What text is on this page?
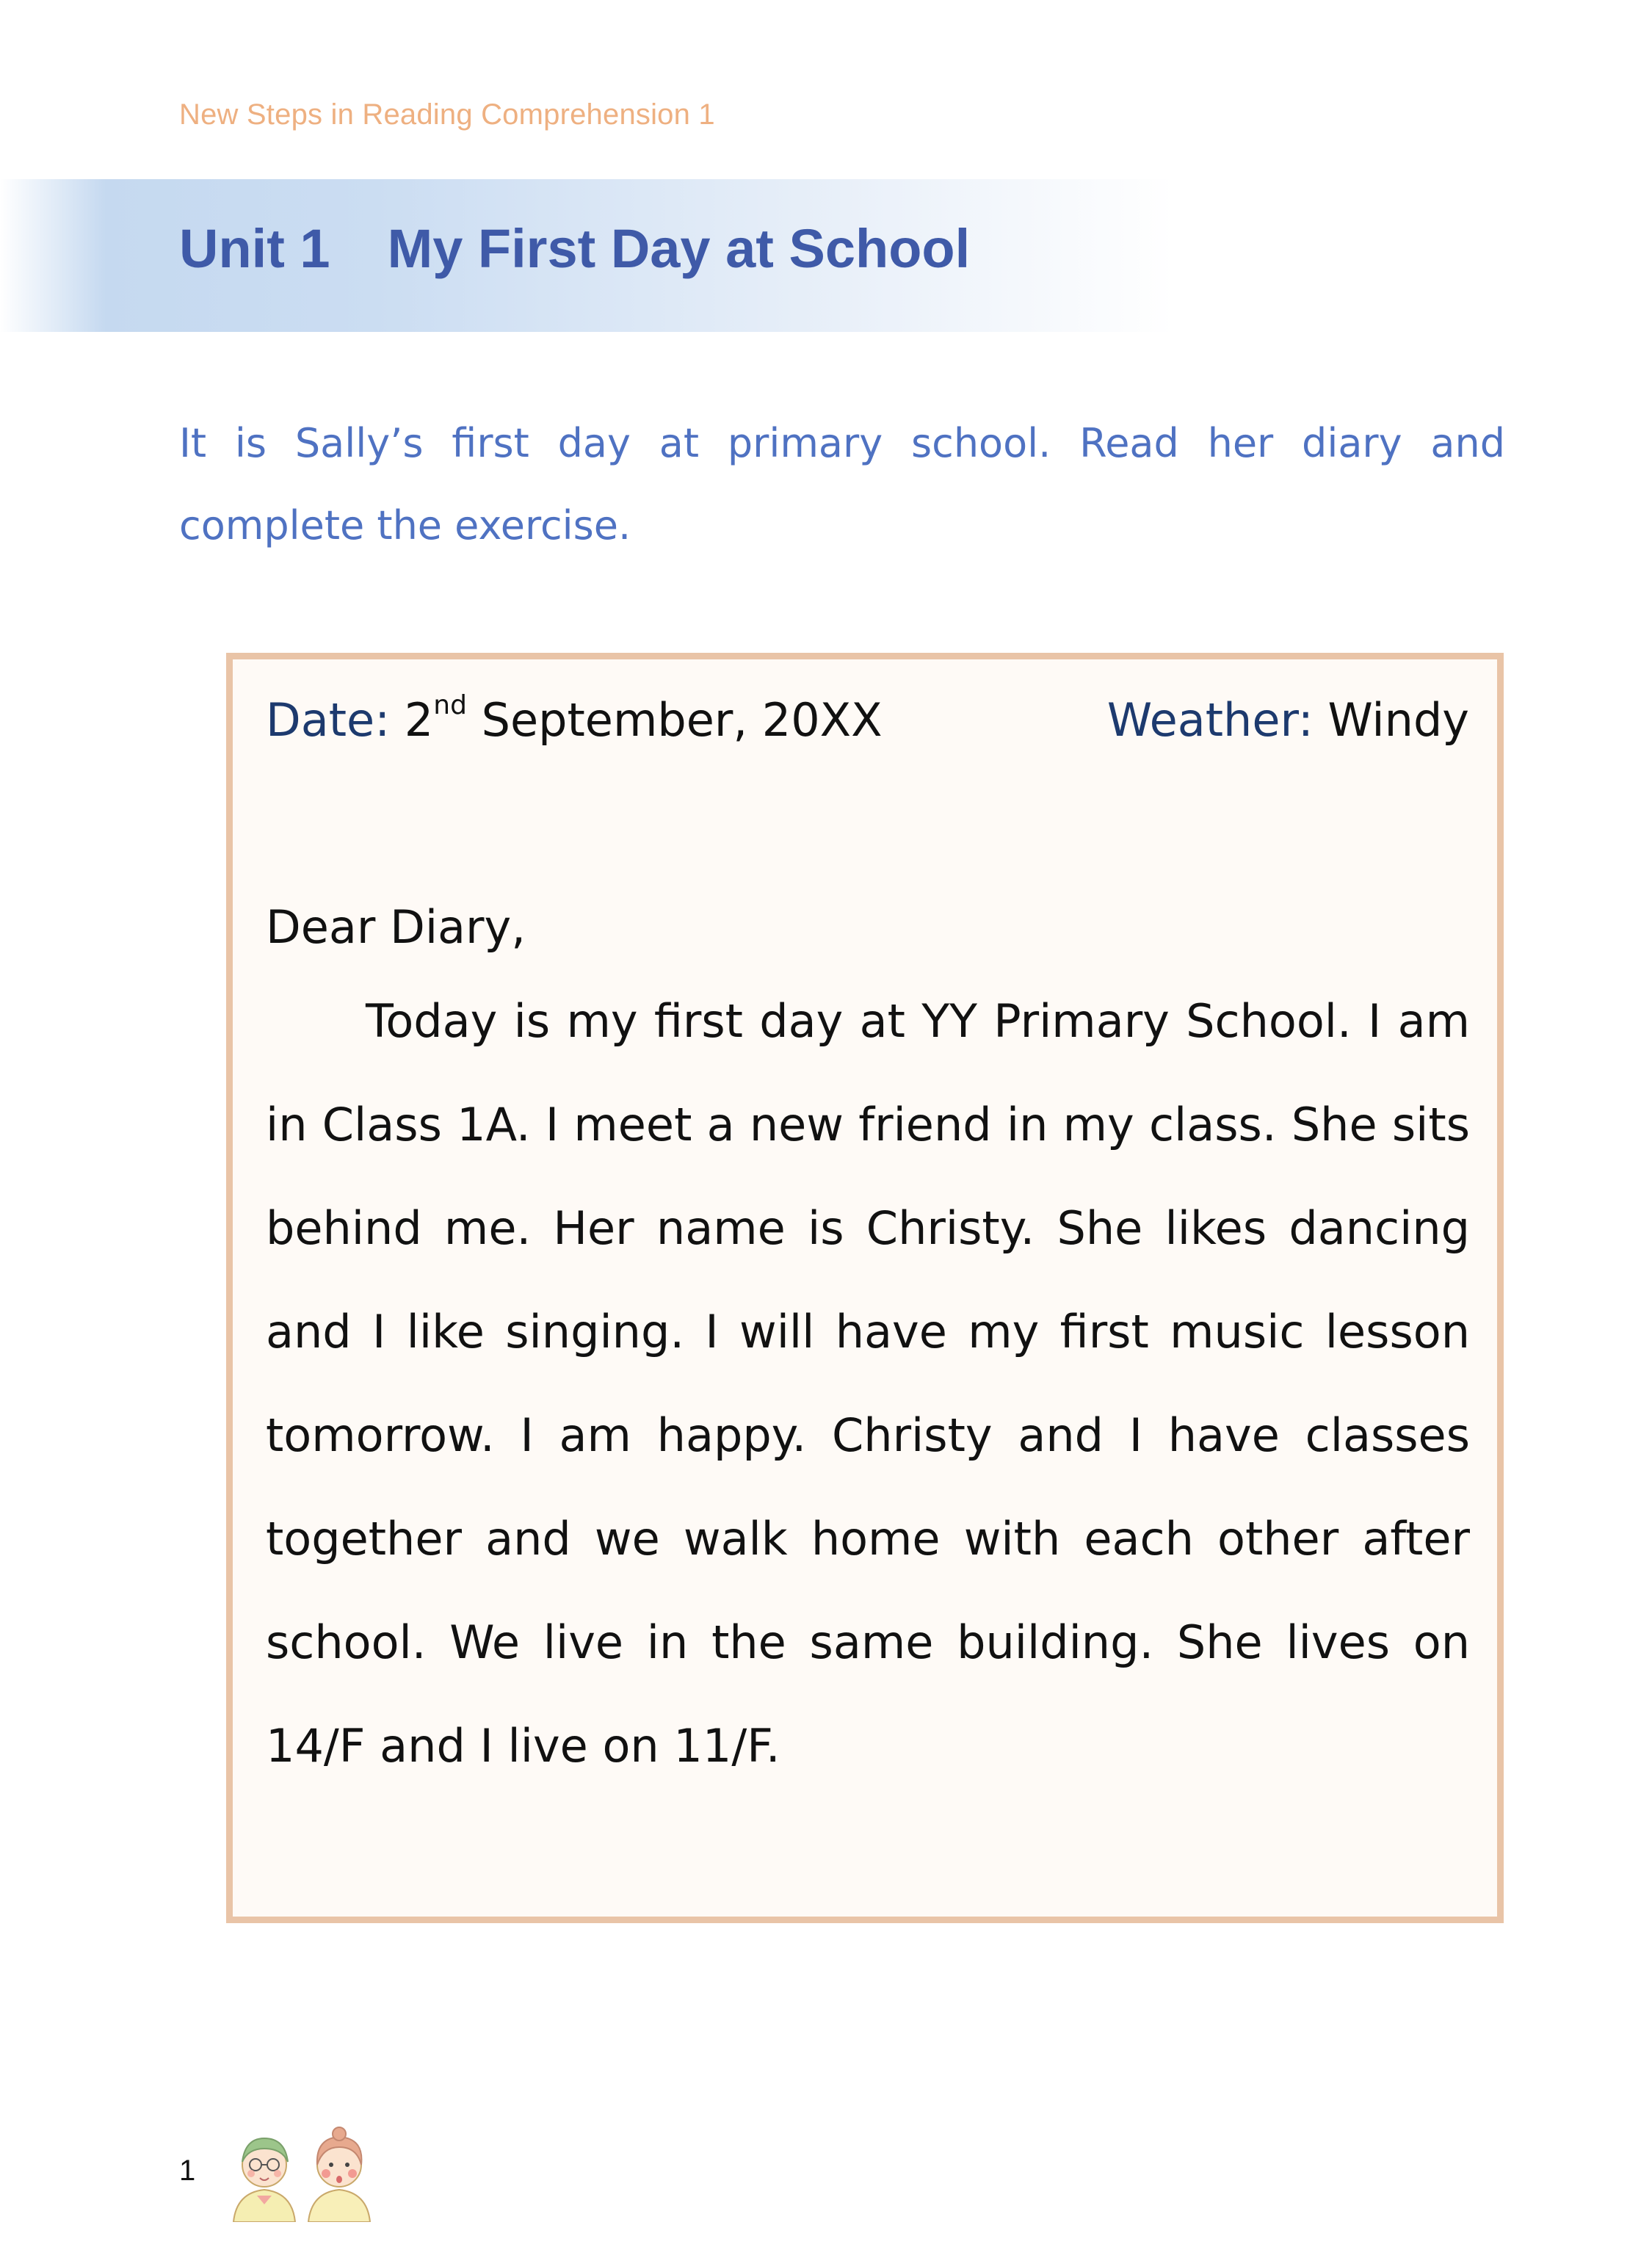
New Steps in Reading Comprehension 1
Unit 1 My First Day at School
It is Sally’s first day at primary school. Read her diary and complete the exercise.
Date: 2nd September, 20XX	Weather: Windy
Dear Diary,

Today is my first day at YY Primary School. I am in Class 1A. I meet a new friend in my class. She sits behind me. Her name is Christy. She likes dancing and I like singing. I will have my first music lesson tomorrow. I am happy. Christy and I have classes together and we walk home with each other after school. We live in the same building. She lives on 14/F and I live on 11/F.

1
